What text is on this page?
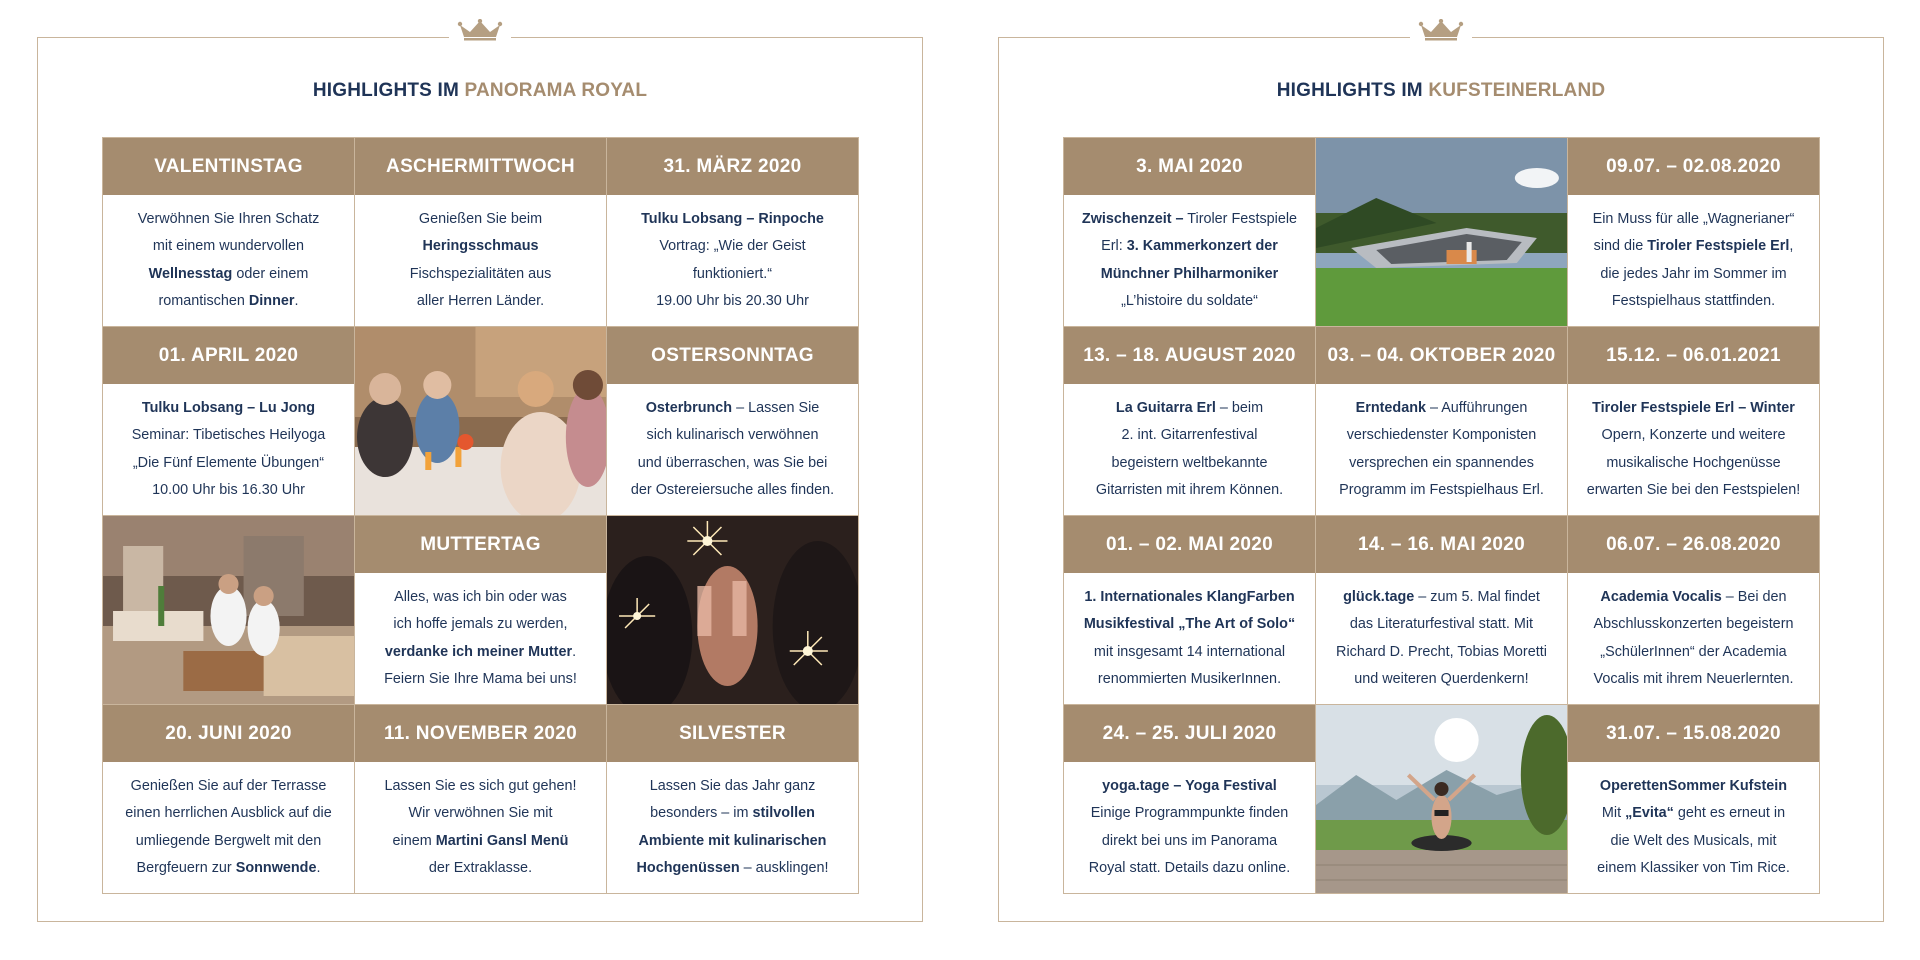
HIGHLIGHTS IM PANORAMA ROYAL
VALENTINSTAG

Verwöhnen Sie Ihren Schatz
mit einem wundervollen
Wellnesstag oder einem
romantischen Dinner.

ASCHERMITTWOCH

Genießen Sie beim
Heringsschmaus
Fischspezialitäten aus
aller Herren Länder.

31. MÄRZ 2020

Tulku Lobsang – Rinpoche
Vortrag: „Wie der Geist
funktioniert.“
19.00 Uhr bis 20.30 Uhr

01. APRIL 2020

Tulku Lobsang – Lu Jong
Seminar: Tibetisches Heilyoga
„Die Fünf Elemente Übungen“
10.00 Uhr bis 16.30 Uhr

OSTERSONNTAG

Osterbrunch – Lassen Sie
sich kulinarisch verwöhnen
und überraschen, was Sie bei
der Ostereiersuche alles finden.

MUTTERTAG

Alles, was ich bin oder was
ich hoffe jemals zu werden,
verdanke ich meiner Mutter.
Feiern Sie Ihre Mama bei uns!

20. JUNI 2020

Genießen Sie auf der Terrasse
einen herrlichen Ausblick auf die
umliegende Bergwelt mit den
Bergfeuern zur Sonnwende.

11. NOVEMBER 2020

Lassen Sie es sich gut gehen!
Wir verwöhnen Sie mit
einem Martini Gansl Menü
der Extraklasse.

SILVESTER

Lassen Sie das Jahr ganz
besonders – im stilvollen
Ambiente mit kulinarischen
Hochgenüssen – ausklingen!

HIGHLIGHTS IM KUFSTEINERLAND
3. MAI 2020

Zwischenzeit – Tiroler Festspiele
Erl: 3. Kammerkonzert der
Münchner Philharmoniker
„L’histoire du soldate“

09.07. – 02.08.2020

Ein Muss für alle „Wagnerianer“
sind die Tiroler Festspiele Erl,
die jedes Jahr im Sommer im
Festspielhaus stattfinden.

13. – 18. AUGUST 2020

La Guitarra Erl – beim
2. int. Gitarrenfestival
begeistern weltbekannte
Gitarristen mit ihrem Können.

03. – 04. OKTOBER 2020

Erntedank – Aufführungen
verschiedenster Komponisten
versprechen ein spannendes
Programm im Festspielhaus Erl.

15.12. – 06.01.2021

Tiroler Festspiele Erl – Winter
Opern, Konzerte und weitere
musikalische Hochgenüsse
erwarten Sie bei den Festspielen!

01. – 02. MAI 2020

1. Internationales KlangFarben
Musikfestival „The Art of Solo“
mit insgesamt 14 international
renommierten MusikerInnen.

14. – 16. MAI 2020

glück.tage – zum 5. Mal findet
das Literaturfestival statt. Mit
Richard D. Precht, Tobias Moretti
und weiteren Querdenkern!

06.07. – 26.08.2020

Academia Vocalis – Bei den
Abschlusskonzerten begeistern
„SchülerInnen“ der Academia
Vocalis mit ihrem Neuerlernten.

24. – 25. JULI 2020

yoga.tage – Yoga Festival
Einige Programmpunkte finden
direkt bei uns im Panorama
Royal statt. Details dazu online.

31.07. – 15.08.2020

OperettenSommer Kufstein
Mit „Evita“ geht es erneut in
die Welt des Musicals, mit
einem Klassiker von Tim Rice.
